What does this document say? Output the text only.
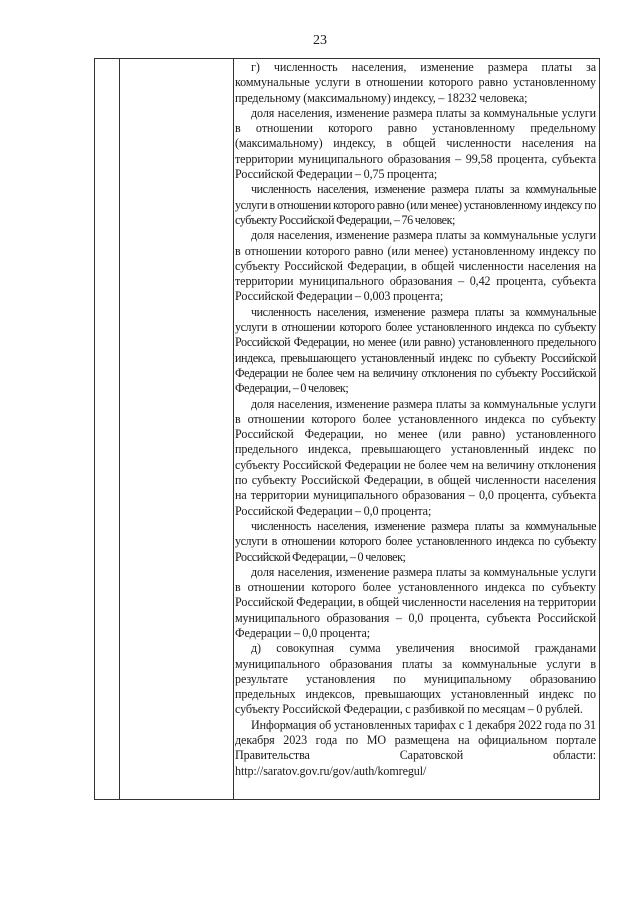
23

г) численность населения, изменение размера платы за коммунальные услуги в отношении которого равно установленному предельному (максимальному) индексу, – 18232 человека;

доля населения, изменение размера платы за коммунальные услуги в отношении которого равно установленному предельному (максимальному) индексу, в общей численности населения на территории муниципального образования – 99,58 процента, субъекта Российской Федерации – 0,75 процента;

численность населения, изменение размера платы за коммунальные услуги в отношении которого равно (или менее) установленному индексу по субъекту Российской Федерации, – 76 человек;

доля населения, изменение размера платы за коммунальные услуги в отношении которого равно (или менее) установленному индексу по субъекту Российской Федерации, в общей численности населения на территории муниципального образования – 0,42 процента, субъекта Российской Федерации – 0,003 процента;

численность населения, изменение размера платы за коммунальные услуги в отношении которого более установленного индекса по субъекту Российской Федерации, но менее (или равно) установленного предельного индекса, превышающего установленный индекс по субъекту Российской Федерации не более чем на величину отклонения по субъекту Российской Федерации, – 0 человек;

доля населения, изменение размера платы за коммунальные услуги в отношении которого более установленного индекса по субъекту Российской Федерации, но менее (или равно) установленного предельного индекса, превышающего установленный индекс по субъекту Российской Федерации не более чем на величину отклонения по субъекту Российской Федерации, в общей численности населения на территории муниципального образования – 0,0 процента, субъекта Российской Федерации – 0,0 процента;

численность населения, изменение размера платы за коммунальные услуги в отношении которого более установленного индекса по субъекту Российской Федерации, – 0 человек;

доля населения, изменение размера платы за коммунальные услуги в отношении которого более установленного индекса по субъекту Российской Федерации, в общей численности населения на территории муниципального образования – 0,0 процента, субъекта Российской Федерации – 0,0 процента;

д) совокупная сумма увеличения вносимой гражданами муниципального образования платы за коммунальные услуги в результате установления по муниципальному образованию предельных индексов, превышающих установленный индекс по субъекту Российской Федерации, с разбивкой по месяцам – 0 рублей.

Информация об установленных тарифах с 1 декабря 2022 года по 31 декабря 2023 года по МО размещена на официальном портале Правительства Саратовской области: http://saratov.gov.ru/gov/auth/komregul/
